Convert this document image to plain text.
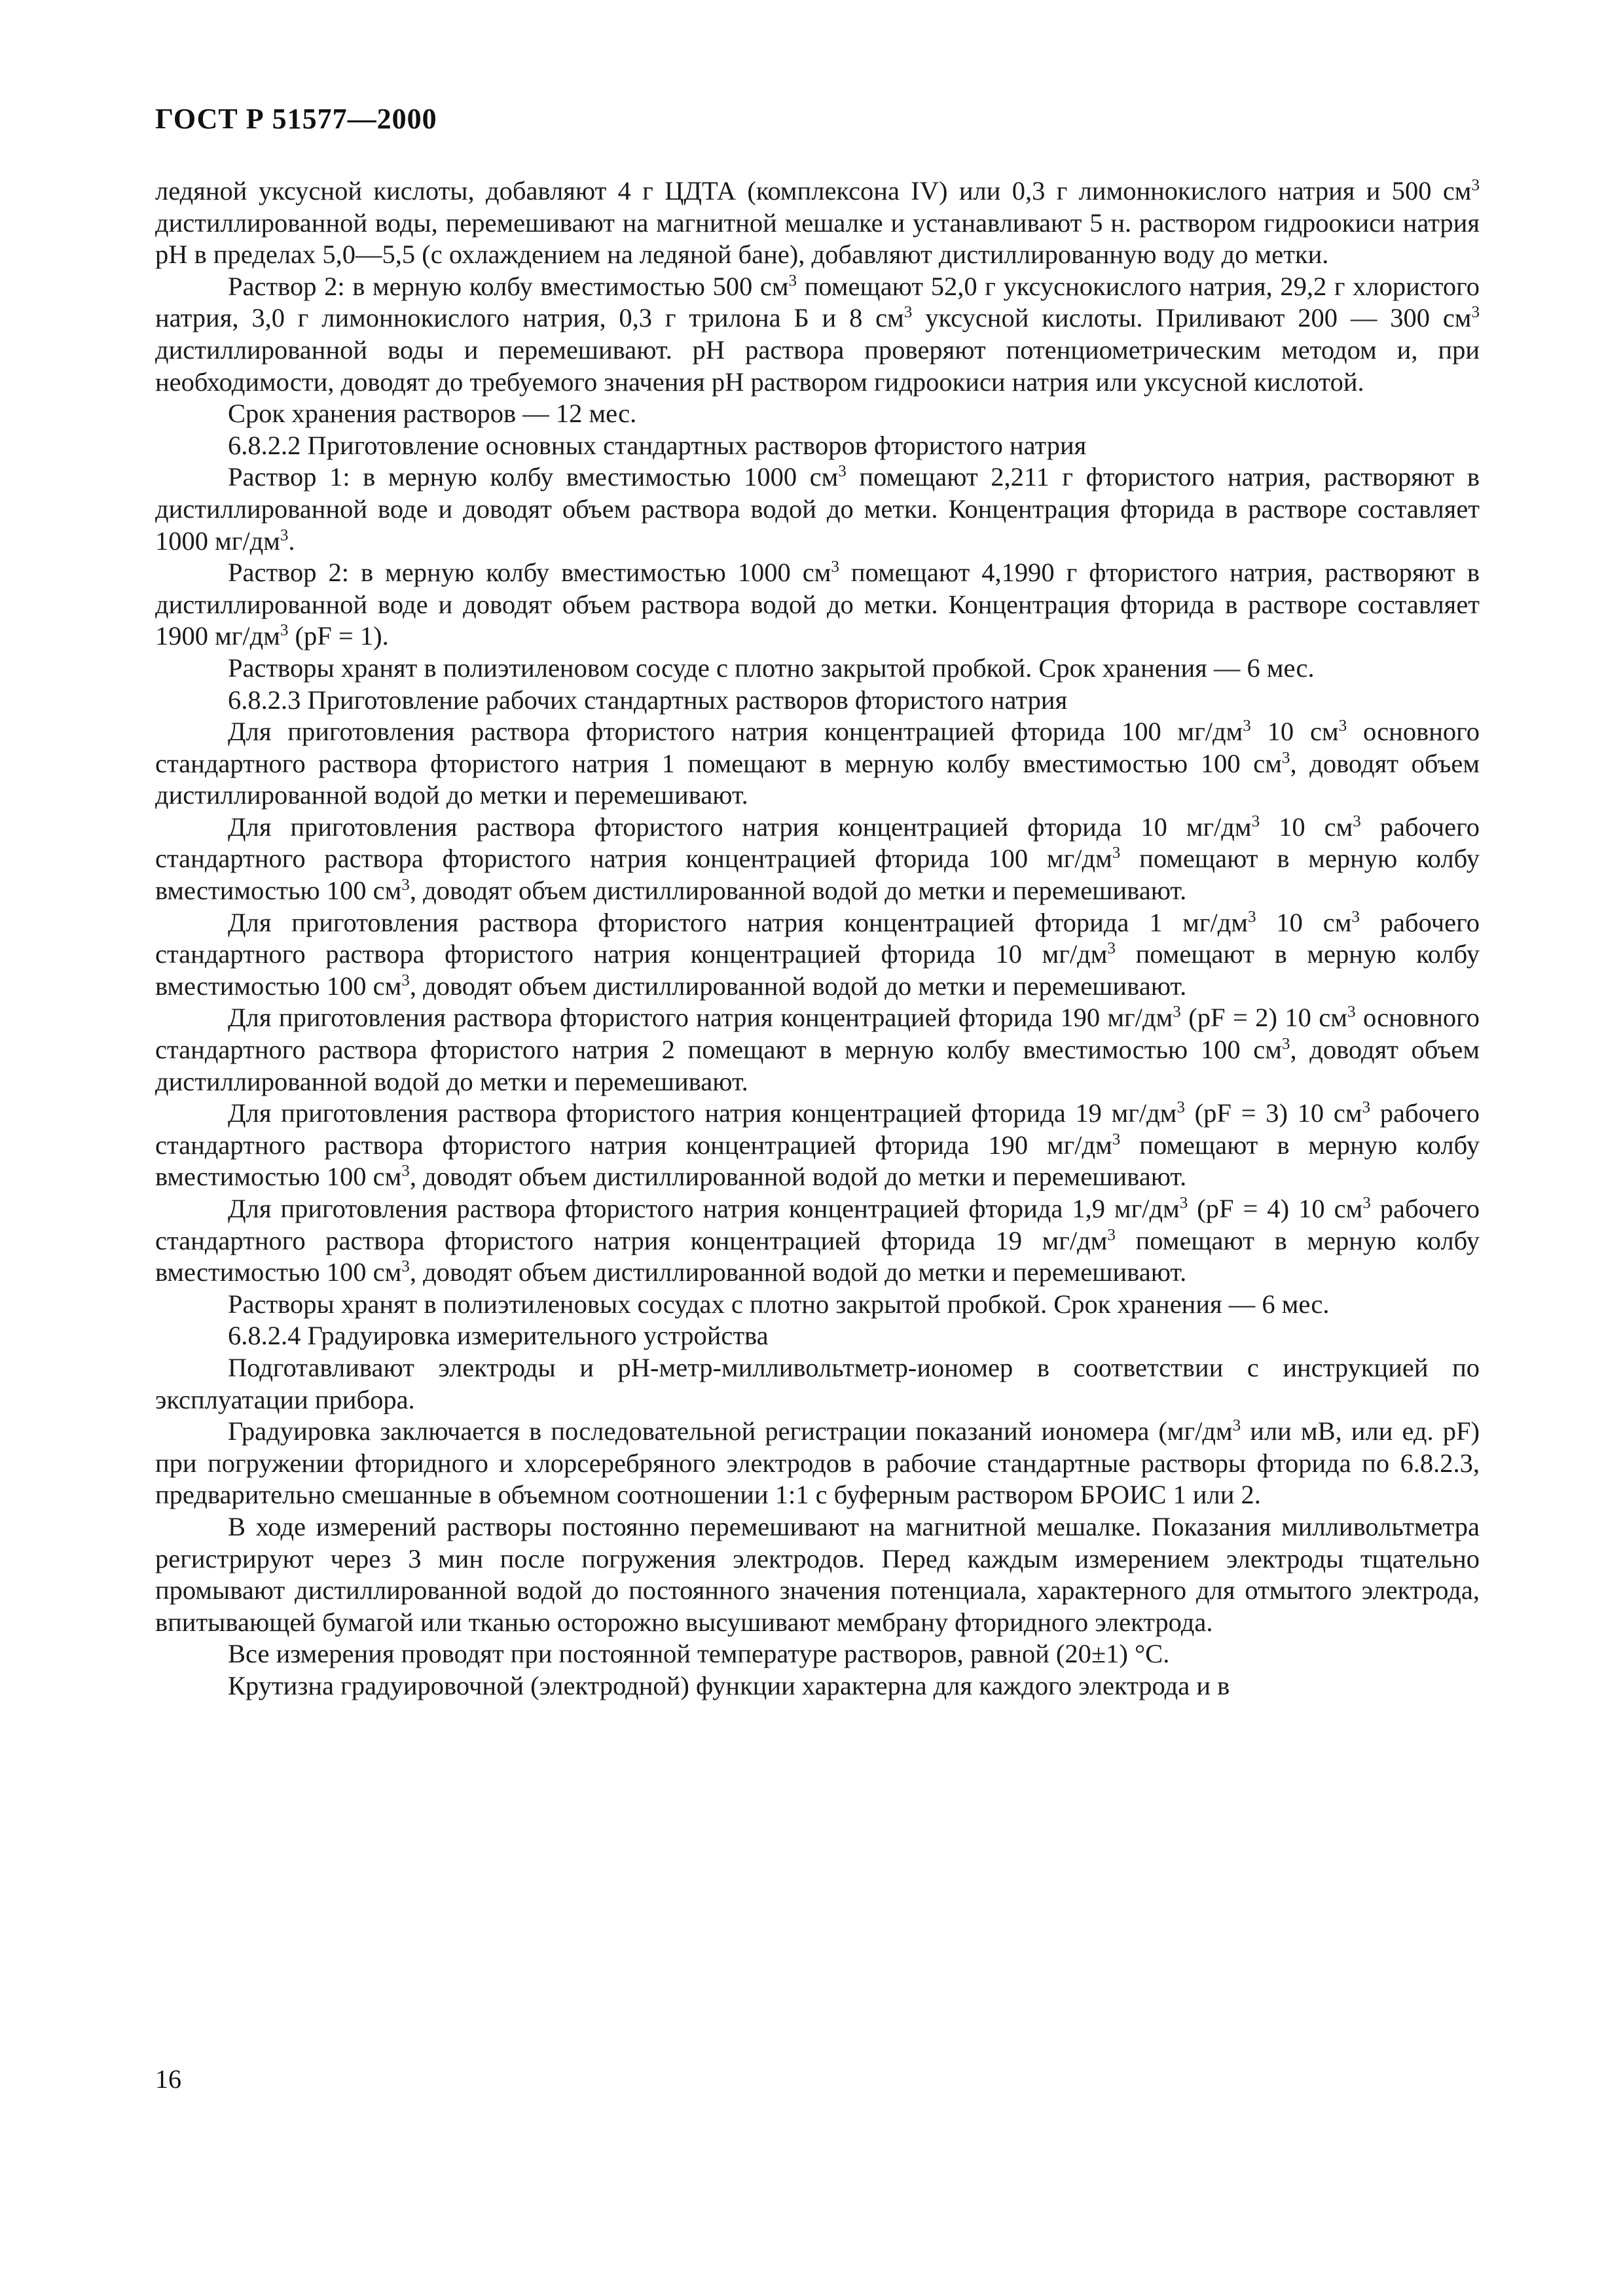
ГОСТ Р 51577—2000

ледяной уксусной кислоты, добавляют 4 г ЦДТА (комплексона IV) или 0,3 г лимоннокислого натрия и 500 $см^3$ дистиллированной воды, перемешивают на магнитной мешалке и устанавливают 5 н. раствором гидроокиси натрия рН в пределах 5,0—5,5 (с охлаждением на ледяной бане), добавляют дистиллированную воду до метки.

Раствор 2: в мерную колбу вместимостью 500 $см^3$ помещают 52,0 г уксуснокислого натрия, 29,2 г хлористого натрия, 3,0 г лимоннокислого натрия, 0,3 г трилона Б и 8 $см^3$ уксусной кислоты. Приливают 200 — 300 $см^3$ дистиллированной воды и перемешивают. рН раствора проверяют потенциометрическим методом и, при необходимости, доводят до требуемого значения рН раствором гидроокиси натрия или уксусной кислотой.

Срок хранения растворов — 12 мес.

6.8.2.2 Приготовление основных стандартных растворов фтористого натрия

Раствор 1: в мерную колбу вместимостью 1000 $см^3$ помещают 2,211 г фтористого натрия, растворяют в дистиллированной воде и доводят объем раствора водой до метки. Концентрация фторида в растворе составляет 1000 $мг/дм^3$.

Раствор 2: в мерную колбу вместимостью 1000 $см^3$ помещают 4,1990 г фтористого натрия, растворяют в дистиллированной воде и доводят объем раствора водой до метки. Концентрация фторида в растворе составляет 1900 $мг/дм^3$ (pF = 1).

Растворы хранят в полиэтиленовом сосуде с плотно закрытой пробкой. Срок хранения — 6 мес.

6.8.2.3 Приготовление рабочих стандартных растворов фтористого натрия

Для приготовления раствора фтористого натрия концентрацией фторида 100 $мг/дм^3$ 10 $см^3$ основного стандартного раствора фтористого натрия 1 помещают в мерную колбу вместимостью 100 $см^3$, доводят объем дистиллированной водой до метки и перемешивают.

Для приготовления раствора фтористого натрия концентрацией фторида 10 $мг/дм^3$ 10 $см^3$ рабочего стандартного раствора фтористого натрия концентрацией фторида 100 $мг/дм^3$ помещают в мерную колбу вместимостью 100 $см^3$, доводят объем дистиллированной водой до метки и перемешивают.

Для приготовления раствора фтористого натрия концентрацией фторида 1 $мг/дм^3$ 10 $см^3$ рабочего стандартного раствора фтористого натрия концентрацией фторида 10 $мг/дм^3$ помещают в мерную колбу вместимостью 100 $см^3$, доводят объем дистиллированной водой до метки и перемешивают.

Для приготовления раствора фтористого натрия концентрацией фторида 190 $мг/дм^3$ (pF = 2) 10 $см^3$ основного стандартного раствора фтористого натрия 2 помещают в мерную колбу вместимостью 100 $см^3$, доводят объем дистиллированной водой до метки и перемешивают.

Для приготовления раствора фтористого натрия концентрацией фторида 19 $мг/дм^3$ (pF = 3) 10 $см^3$ рабочего стандартного раствора фтористого натрия концентрацией фторида 190 $мг/дм^3$ помещают в мерную колбу вместимостью 100 $см^3$, доводят объем дистиллированной водой до метки и перемешивают.

Для приготовления раствора фтористого натрия концентрацией фторида 1,9 $мг/дм^3$ (pF = 4) 10 $см^3$ рабочего стандартного раствора фтористого натрия концентрацией фторида 19 $мг/дм^3$ помещают в мерную колбу вместимостью 100 $см^3$, доводят объем дистиллированной водой до метки и перемешивают.

Растворы хранят в полиэтиленовых сосудах с плотно закрытой пробкой. Срок хранения — 6 мес.

6.8.2.4 Градуировка измерительного устройства

Подготавливают электроды и рН-метр-милливольтметр-иономер в соответствии с инструкцией по эксплуатации прибора.

Градуировка заключается в последовательной регистрации показаний иономера ($мг/дм^3$ или мВ, или ед. pF) при погружении фторидного и хлорсеребряного электродов в рабочие стандартные растворы фторида по 6.8.2.3, предварительно смешанные в объемном соотношении 1:1 с буферным раствором БРОИС 1 или 2.

В ходе измерений растворы постоянно перемешивают на магнитной мешалке. Показания милливольтметра регистрируют через 3 мин после погружения электродов. Перед каждым измерением электроды тщательно промывают дистиллированной водой до постоянного значения потенциала, характерного для отмытого электрода, впитывающей бумагой или тканью осторожно высушивают мембрану фторидного электрода.

Все измерения проводят при постоянной температуре растворов, равной (20±1) °С.

Крутизна градуировочной (электродной) функции характерна для каждого электрода и в

16
